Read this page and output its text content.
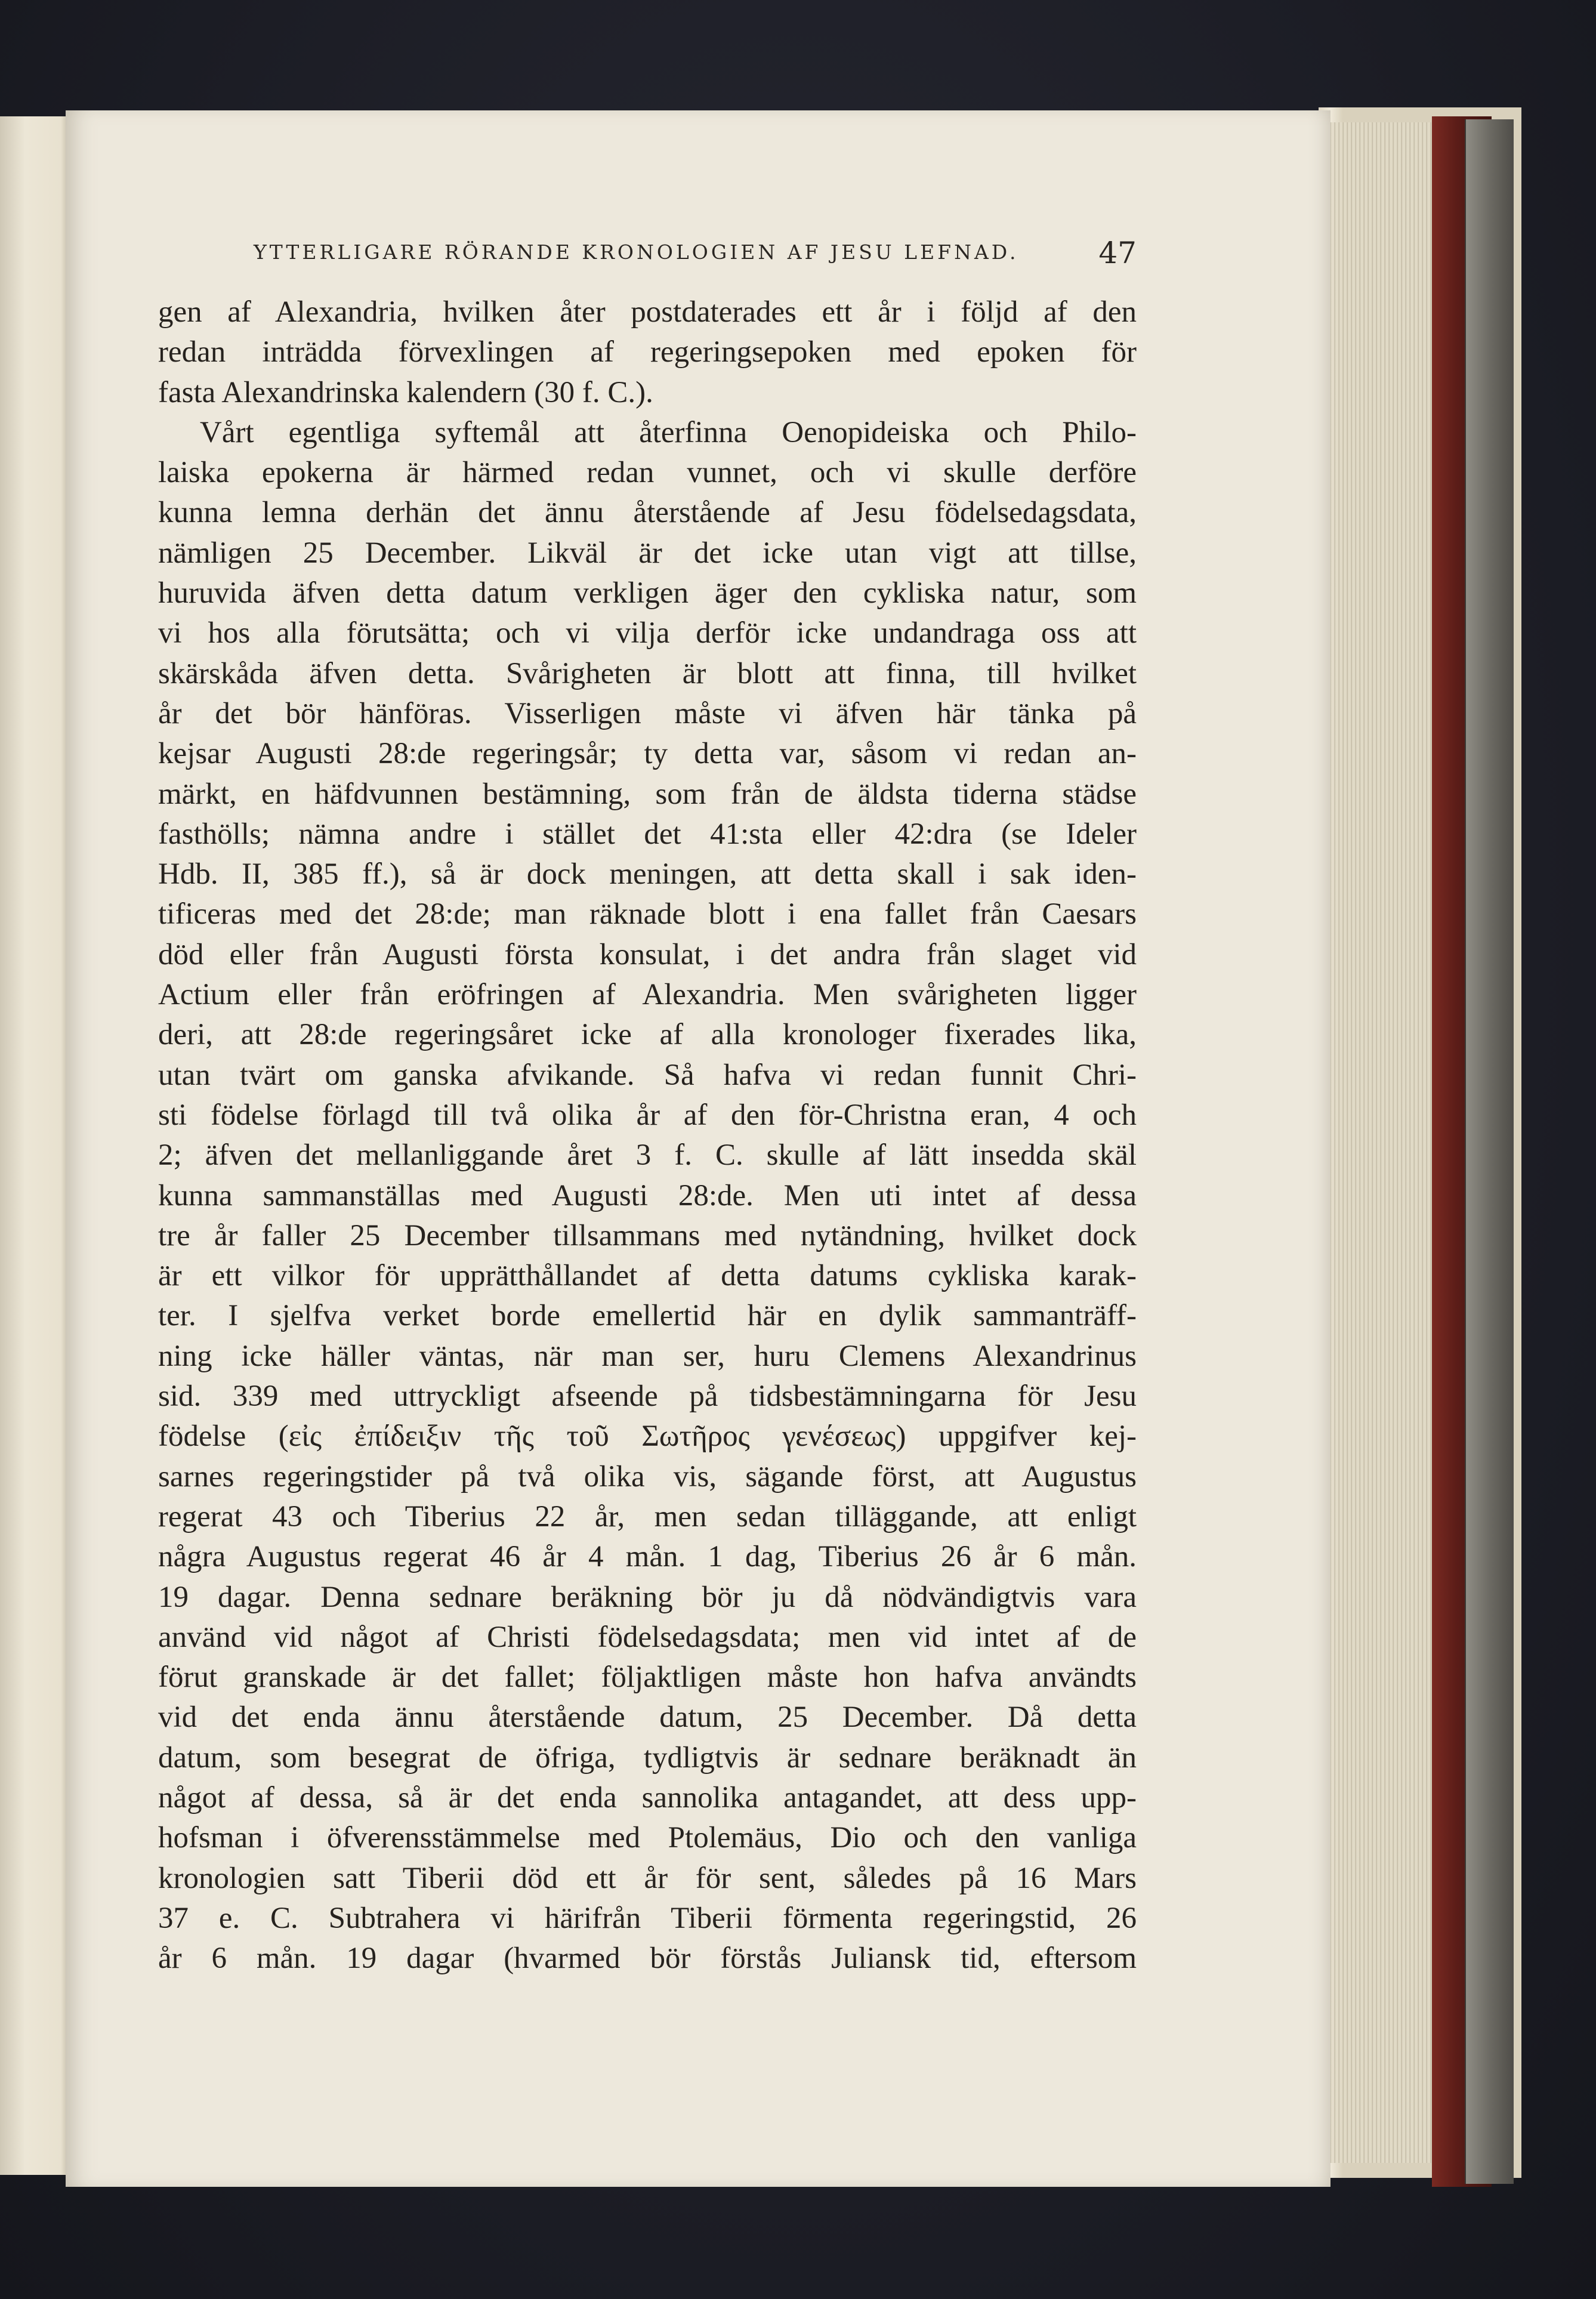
YTTERLIGARE RÖRANDE KRONOLOGIEN AF JESU LEFNAD.	47
gen af Alexandria, hvilken åter postdaterades ett år i följd af den
redan inträdda förvexlingen af regeringsepoken med epoken för
fasta Alexandrinska kalendern (30 f. C.).
Vårt egentliga syftemål att återfinna Oenopideiska och Philo-
laiska epokerna är härmed redan vunnet, och vi skulle derföre
kunna lemna derhän det ännu återstående af Jesu födelsedagsdata,
nämligen 25 December. Likväl är det icke utan vigt att tillse,
huruvida äfven detta datum verkligen äger den cykliska natur, som
vi hos alla förutsätta; och vi vilja derför icke undandraga oss att
skärskåda äfven detta. Svårigheten är blott att finna, till hvilket
år det bör hänföras. Visserligen måste vi äfven här tänka på
kejsar Augusti 28:de regeringsår; ty detta var, såsom vi redan an-
märkt, en häfdvunnen bestämning, som från de äldsta tiderna städse
fasthölls; nämna andre i stället det 41:sta eller 42:dra (se Ideler
Hdb. II, 385 ff.), så är dock meningen, att detta skall i sak iden-
tificeras med det 28:de; man räknade blott i ena fallet från Caesars
död eller från Augusti första konsulat, i det andra från slaget vid
Actium eller från eröfringen af Alexandria. Men svårigheten ligger
deri, att 28:de regeringsåret icke af alla kronologer fixerades lika,
utan tvärt om ganska afvikande. Så hafva vi redan funnit Chri-
sti födelse förlagd till två olika år af den för-Christna eran, 4 och
2; äfven det mellanliggande året 3 f. C. skulle af lätt insedda skäl
kunna sammanställas med Augusti 28:de. Men uti intet af dessa
tre år faller 25 December tillsammans med nytändning, hvilket dock
är ett vilkor för upprätthållandet af detta datums cykliska karak-
ter. I sjelfva verket borde emellertid här en dylik sammanträff-
ning icke häller väntas, när man ser, huru Clemens Alexandrinus
sid. 339 med uttryckligt afseende på tidsbestämningarna för Jesu
födelse (εἰς ἐπίδειξιν τῆς τοῦ Σωτῆρος γενέσεως) uppgifver kej-
sarnes regeringstider på två olika vis, sägande först, att Augustus
regerat 43 och Tiberius 22 år, men sedan tilläggande, att enligt
några Augustus regerat 46 år 4 mån. 1 dag, Tiberius 26 år 6 mån.
19 dagar. Denna sednare beräkning bör ju då nödvändigtvis vara
använd vid något af Christi födelsedagsdata; men vid intet af de
förut granskade är det fallet; följaktligen måste hon hafva användts
vid det enda ännu återstående datum, 25 December. Då detta
datum, som besegrat de öfriga, tydligtvis är sednare beräknadt än
något af dessa, så är det enda sannolika antagandet, att dess upp-
hofsman i öfverensstämmelse med Ptolemäus, Dio och den vanliga
kronologien satt Tiberii död ett år för sent, således på 16 Mars
37 e. C. Subtrahera vi härifrån Tiberii förmenta regeringstid, 26
år 6 mån. 19 dagar (hvarmed bör förstås Juliansk tid, eftersom
